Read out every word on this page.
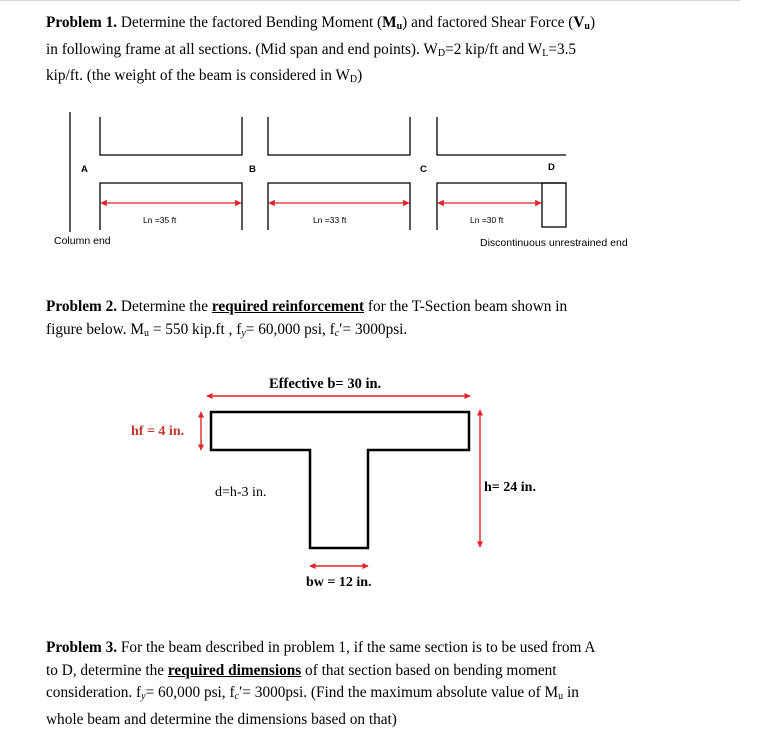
Problem 1. Determine the factored Bending Moment $(M_u)$ and factored Shear Force $(V_u)$
in following frame at all sections. (Mid span and end points). $W_D=2$ kip/ft and $W_L=3.5$
kip/ft. (the weight of the beam is considered in $W_D$)
A	B	C	D
Ln =35 ft	Ln =33 ft	Ln =30 ft
Column end	Discontinuous unrestrained end
Problem 2. Determine the required reinforcement for the T-Section beam shown in
figure below. $M_u = 550$ kip.ft , $f_y= 60,000$ psi, $f_c'= 3000psi$.
Effective b= 30 in.
hf = 4 in.
d=h-3 in.	h= 24 in.
bw = 12 in.
Problem 3. For the beam described in problem 1, if the same section is to be used from A
to D, determine the required dimensions of that section based on bending moment
consideration. $f_y= 60,000$ psi, $f_c'= 3000psi$. (Find the maximum absolute value of $M_u$ in
whole beam and determine the dimensions based on that)
